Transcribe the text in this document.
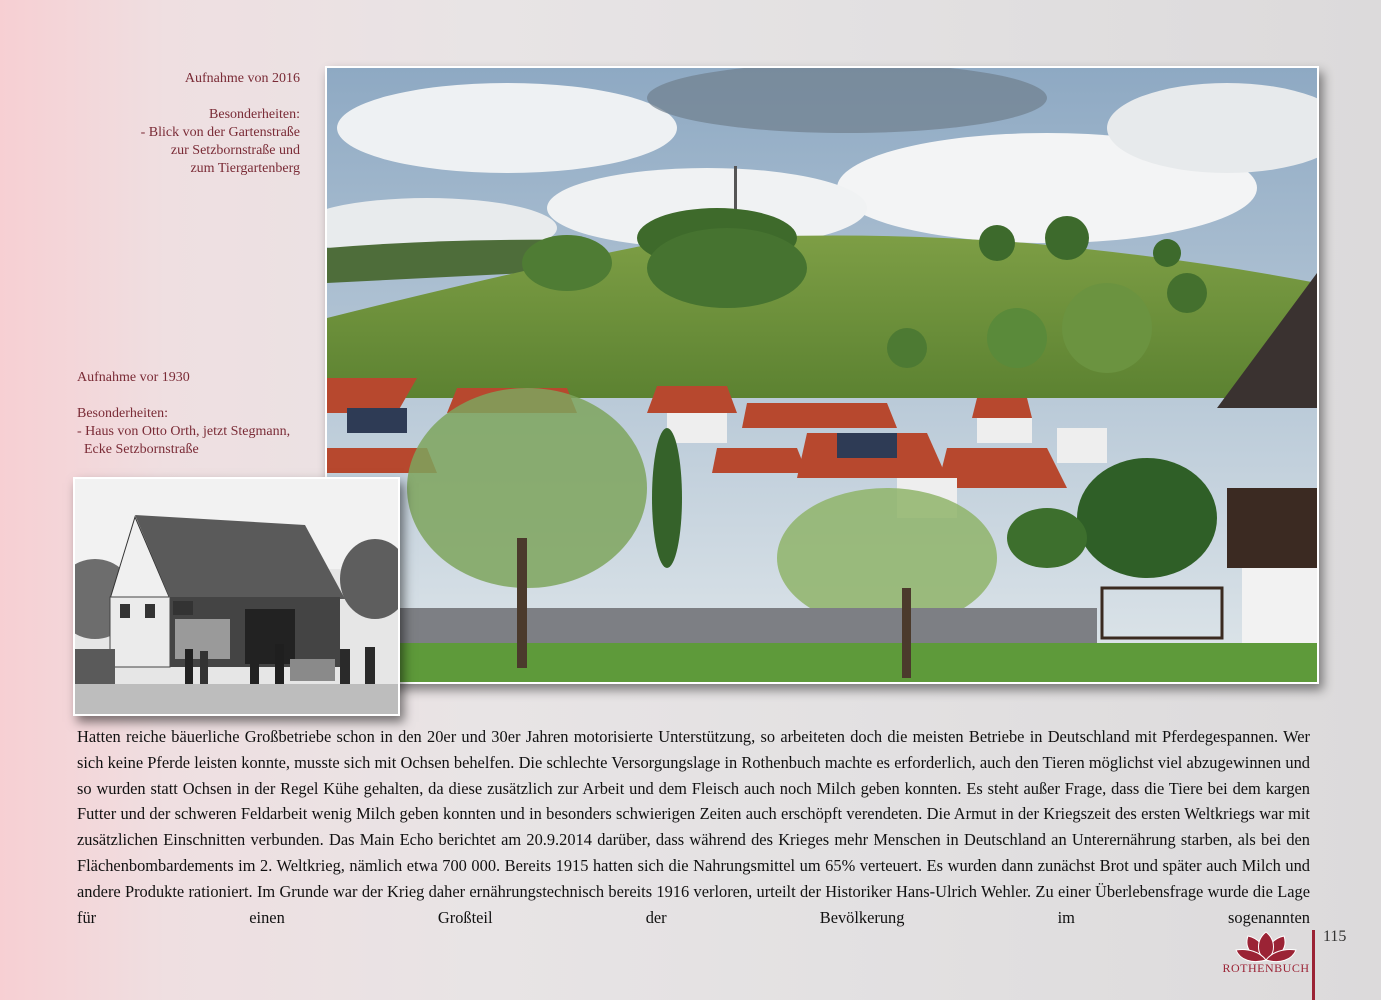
Aufnahme von 2016

Besonderheiten:
- Blick von der Gartenstraße
zur Setzbornstraße und
zum Tiergartenberg
Aufnahme vor 1930

Besonderheiten:
- Haus von Otto Orth, jetzt Stegmann,
Ecke Setzbornstraße

Hatten reiche bäuerliche Großbetriebe schon in den 20er und 30er Jahren motorisierte Unterstützung, so arbeiteten doch die meisten Betriebe in Deutschland mit Pferdegespannen. Wer sich keine Pferde leisten konnte, musste sich mit Ochsen behelfen. Die schlechte Versorgungslage in Rothenbuch machte es erforderlich, auch den Tieren möglichst viel abzugewinnen und so wurden statt Ochsen in der Regel Kühe gehalten, da diese zusätzlich zur Arbeit und dem Fleisch auch noch Milch geben konnten. Es steht außer Frage, dass die Tiere bei dem kargen Futter und der schweren Feldarbeit wenig Milch geben konnten und in besonders schwierigen Zeiten auch erschöpft verendeten. Die Armut in der Kriegszeit des ersten Weltkriegs war mit zusätzlichen Einschnitten verbunden. Das Main Echo berichtet am 20.9.2014 darüber, dass während des Krieges mehr Menschen in Deutschland an Unterernährung starben, als bei den Flächenbombardements im 2. Weltkrieg, nämlich etwa 700 000. Bereits 1915 hatten sich die Nahrungsmittel um 65% verteuert. Es wurden dann zunächst Brot und später auch Milch und andere Produkte rationiert. Im Grunde war der Krieg daher ernährungstechnisch bereits 1916 verloren, urteilt der Historiker Hans-Ulrich Wehler. Zu einer Überlebensfrage wurde die Lage für einen Großteil der Bevölkerung im sogenannten

115
ROTHENBUCH
